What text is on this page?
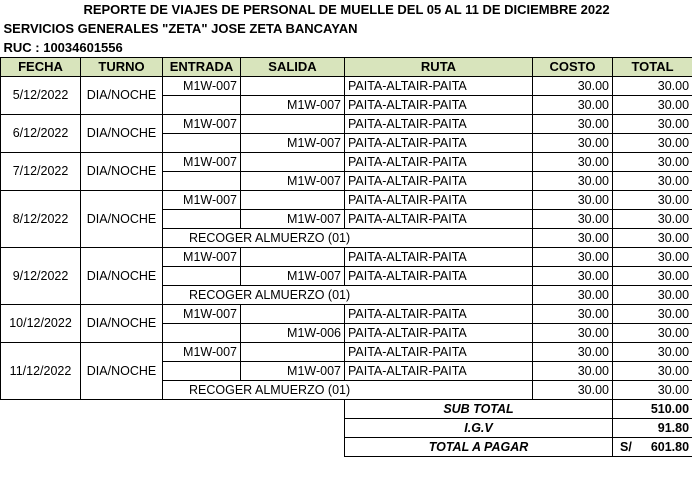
REPORTE DE VIAJES DE PERSONAL DE MUELLE DEL 05 AL 11 DE DICIEMBRE 2022						
SERVICIOS GENERALES "ZETA" JOSE ZETA BANCAYAN						
RUC : 10034601556						
FECHA	TURNO	ENTRADA	SALIDA	RUTA	COSTO	TOTAL
5/12/2022	DIA/NOCHE	M1W-007		PAITA-ALTAIR-PAITA	30.00	30.00
			M1W-007	PAITA-ALTAIR-PAITA	30.00	30.00
6/12/2022	DIA/NOCHE	M1W-007		PAITA-ALTAIR-PAITA	30.00	30.00
			M1W-007	PAITA-ALTAIR-PAITA	30.00	30.00
7/12/2022	DIA/NOCHE	M1W-007		PAITA-ALTAIR-PAITA	30.00	30.00
			M1W-007	PAITA-ALTAIR-PAITA	30.00	30.00
8/12/2022	DIA/NOCHE	M1W-007		PAITA-ALTAIR-PAITA	30.00	30.00
			M1W-007	PAITA-ALTAIR-PAITA	30.00	30.00
		RECOGER ALMUERZO (01)			30.00	30.00
9/12/2022	DIA/NOCHE	M1W-007		PAITA-ALTAIR-PAITA	30.00	30.00
			M1W-007	PAITA-ALTAIR-PAITA	30.00	30.00
		RECOGER ALMUERZO (01)			30.00	30.00
10/12/2022	DIA/NOCHE	M1W-007		PAITA-ALTAIR-PAITA	30.00	30.00
			M1W-006	PAITA-ALTAIR-PAITA	30.00	30.00
11/12/2022	DIA/NOCHE	M1W-007		PAITA-ALTAIR-PAITA	30.00	30.00
			M1W-007	PAITA-ALTAIR-PAITA	30.00	30.00
		RECOGER ALMUERZO (01)			30.00	30.00
				SUB TOTAL		510.00
				I.G.V		91.80
				TOTAL A PAGAR		S/ 601.80
